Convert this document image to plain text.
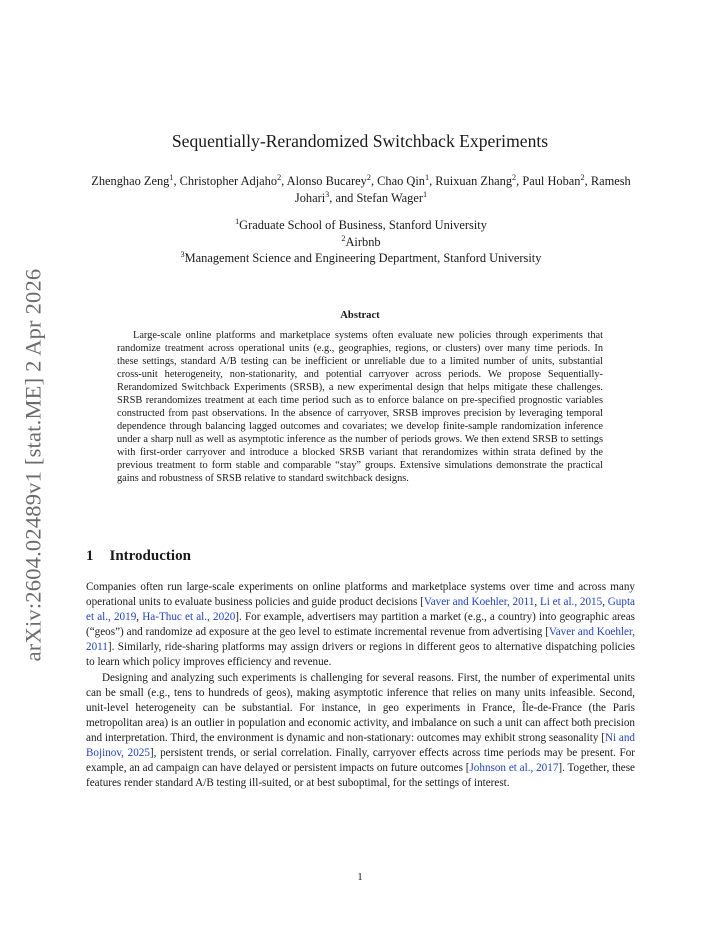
arXiv:2604.02489v1 [stat.ME] 2 Apr 2026
Sequentially-Rerandomized Switchback Experiments
Zhenghao Zeng$^1$, Christopher Adjaho$^2$, Alonso Bucarey$^2$, Chao Qin$^1$, Ruixuan Zhang$^2$, Paul Hoban$^2$, Ramesh Johari$^3$, and Stefan Wager$^1$
$^1$Graduate School of Business, Stanford University
$^2$Airbnb
$^3$Management Science and Engineering Department, Stanford University
Abstract
Large-scale online platforms and marketplace systems often evaluate new policies through experiments that randomize treatment across operational units (e.g., geographies, regions, or clusters) over many time periods. In these settings, standard A/B testing can be inefficient or unreliable due to a limited number of units, substantial cross-unit heterogeneity, non-stationarity, and potential carryover across periods. We propose Sequentially-Rerandomized Switchback Experiments (SRSB), a new experimental design that helps mitigate these challenges. SRSB rerandomizes treatment at each time period such as to enforce balance on pre-specified prognostic variables constructed from past observations. In the absence of carryover, SRSB improves precision by leveraging temporal dependence through balancing lagged outcomes and covariates; we develop finite-sample randomization inference under a sharp null as well as asymptotic inference as the number of periods grows. We then extend SRSB to settings with first-order carryover and introduce a blocked SRSB variant that rerandomizes within strata defined by the previous treatment to form stable and comparable “stay” groups. Extensive simulations demonstrate the practical gains and robustness of SRSB relative to standard switchback designs.
1 Introduction

Companies often run large-scale experiments on online platforms and marketplace systems over time and across many operational units to evaluate business policies and guide product decisions [Vaver and Koehler, 2011, Li et al., 2015, Gupta et al., 2019, Ha-Thuc et al., 2020]. For example, advertisers may partition a market (e.g., a country) into geographic areas (“geos”) and randomize ad exposure at the geo level to estimate incremental revenue from advertising [Vaver and Koehler, 2011]. Similarly, ride-sharing platforms may assign drivers or regions in different geos to alternative dispatching policies to learn which policy improves efficiency and revenue.

Designing and analyzing such experiments is challenging for several reasons. First, the number of experimental units can be small (e.g., tens to hundreds of geos), making asymptotic inference that relies on many units infeasible. Second, unit-level heterogeneity can be substantial. For instance, in geo experiments in France, Île-de-France (the Paris metropolitan area) is an outlier in population and economic activity, and imbalance on such a unit can affect both precision and interpretation. Third, the environment is dynamic and non-stationary: outcomes may exhibit strong seasonality [Ni and Bojinov, 2025], persistent trends, or serial correlation. Finally, carryover effects across time periods may be present. For example, an ad campaign can have delayed or persistent impacts on future outcomes [Johnson et al., 2017]. Together, these features render standard A/B testing ill-suited, or at best suboptimal, for the settings of interest.

1
